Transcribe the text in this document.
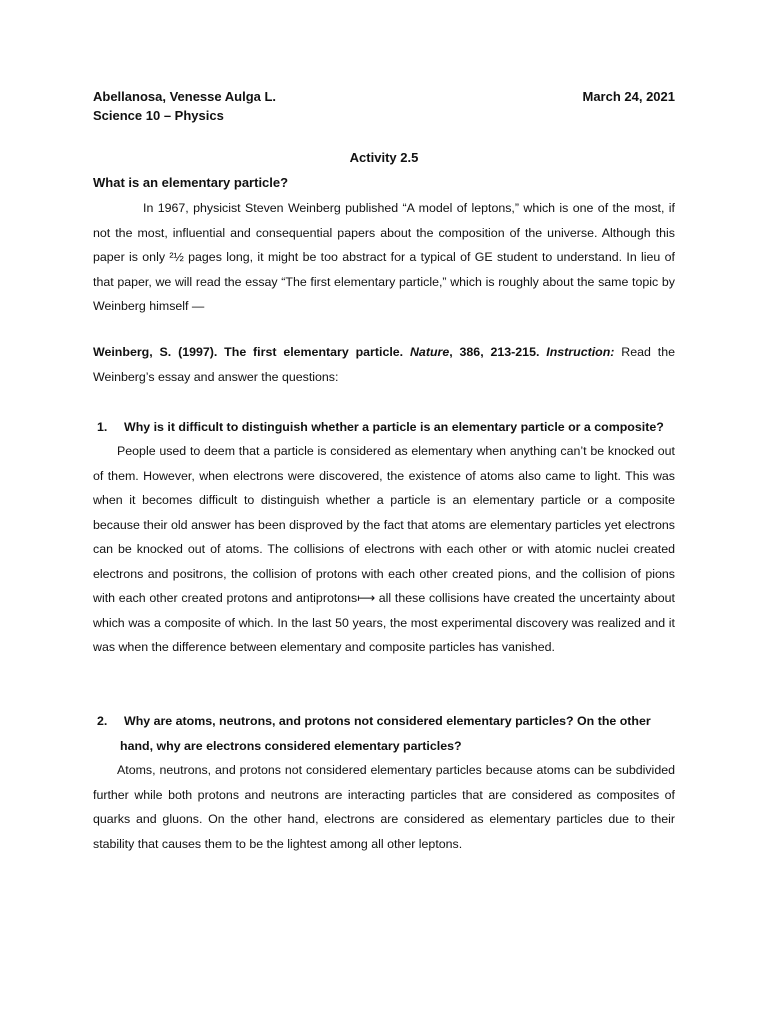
Abellanosa, Venesse Aulga L.	March 24, 2021
Science 10 – Physics
Activity 2.5
What is an elementary particle?
In 1967, physicist Steven Weinberg published “A model of leptons,” which is one of the most, if not the most, influential and consequential papers about the composition of the universe. Although this paper is only ²½ pages long, it might be too abstract for a typical of GE student to understand. In lieu of that paper, we will read the essay “The first elementary particle,” which is roughly about the same topic by Weinberg himself —
Weinberg, S. (1997). The first elementary particle. Nature, 386, 213-215. Instruction: Read the Weinberg’s essay and answer the questions:
1. Why is it difficult to distinguish whether a particle is an elementary particle or a composite?
People used to deem that a particle is considered as elementary when anything can’t be knocked out of them. However, when electrons were discovered, the existence of atoms also came to light. This was when it becomes difficult to distinguish whether a particle is an elementary particle or a composite because their old answer has been disproved by the fact that atoms are elementary particles yet electrons can be knocked out of atoms. The collisions of electrons with each other or with atomic nuclei created electrons and positrons, the collision of protons with each other created pions, and the collision of pions with each other created protons and antiprotons⟼ all these collisions have created the uncertainty about which was a composite of which. In the last 50 years, the most experimental discovery was realized and it was when the difference between elementary and composite particles has vanished.
2. Why are atoms, neutrons, and protons not considered elementary particles? On the other
hand, why are electrons considered elementary particles?
Atoms, neutrons, and protons not considered elementary particles because atoms can be subdivided further while both protons and neutrons are interacting particles that are considered as composites of quarks and gluons. On the other hand, electrons are considered as elementary particles due to their stability that causes them to be the lightest among all other leptons.
